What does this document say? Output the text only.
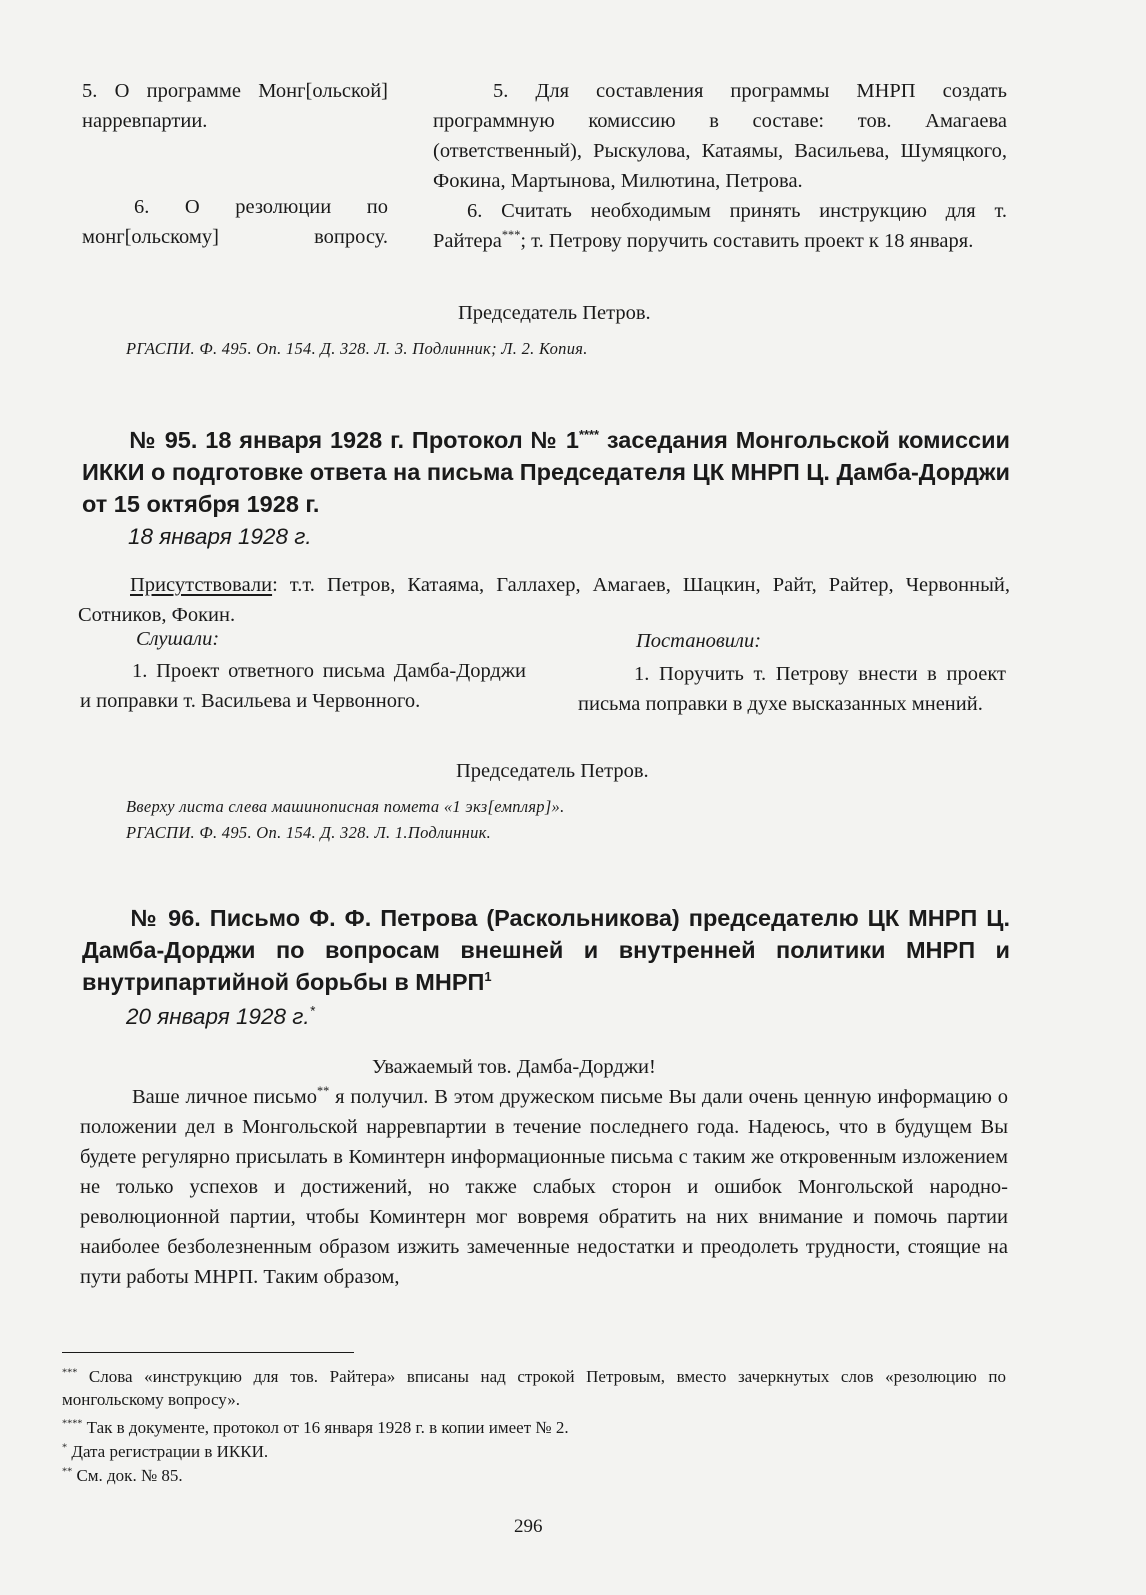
5. О программе Монг[ольской] нарревпартии.
5. Для составления программы МНРП создать программную комиссию в составе: тов. Амагаева (ответственный), Рыскулова, Катаямы, Васильева, Шумяцкого, Фокина, Мартынова, Милютина, Петрова.
6. О резолюции по монг[ольскому] вопросу.
6. Считать необходимым принять инструкцию для т. Райтера***; т. Петрову поручить составить проект к 18 января.
Председатель Петров.
РГАСПИ. Ф. 495. Оп. 154. Д. 328. Л. 3. Подлинник; Л. 2. Копия.
№ 95. 18 января 1928 г. Протокол № 1**** заседания Монгольской комиссии ИККИ о подготовке ответа на письма Председателя ЦК МНРП Ц. Дамба-Дорджи от 15 октября 1928 г.
18 января 1928 г.
Присутствовали: т.т. Петров, Катаяма, Галлахер, Амагаев, Шацкин, Райт, Райтер, Червонный, Сотников, Фокин.
Слушали:	Постановили:
1. Проект ответного письма Дамба-Дорджи и поправки т. Васильева и Червонного.
1. Поручить т. Петрову внести в проект письма поправки в духе высказанных мнений.
Председатель Петров.
Вверху листа слева машинописная помета «1 экз[емпляр]».
РГАСПИ. Ф. 495. Оп. 154. Д. 328. Л. 1.Подлинник.
№ 96. Письмо Ф. Ф. Петрова (Раскольникова) председателю ЦК МНРП Ц. Дамба-Дорджи по вопросам внешней и внутренней политики МНРП и внутрипартийной борьбы в МНРП$^1$
20 января 1928 г.*
Уважаемый тов. Дамба-Дорджи!
Ваше личное письмо** я получил. В этом дружеском письме Вы дали очень ценную информацию о положении дел в Монгольской нарревпартии в течение последнего года. Надеюсь, что в будущем Вы будете регулярно присылать в Коминтерн информационные письма с таким же откровенным изложением не только успехов и достижений, но также слабых сторон и ошибок Монгольской народно-революционной партии, чтобы Коминтерн мог вовремя обратить на них внимание и помочь партии наиболее безболезненным образом изжить замеченные недостатки и преодолеть трудности, стоящие на пути работы МНРП. Таким образом,
*** Слова «инструкцию для тов. Райтера» вписаны над строкой Петровым, вместо зачеркнутых слов «резолюцию по монгольскому вопросу».
**** Так в документе, протокол от 16 января 1928 г. в копии имеет № 2.
* Дата регистрации в ИККИ.
** См. док. № 85.
296
